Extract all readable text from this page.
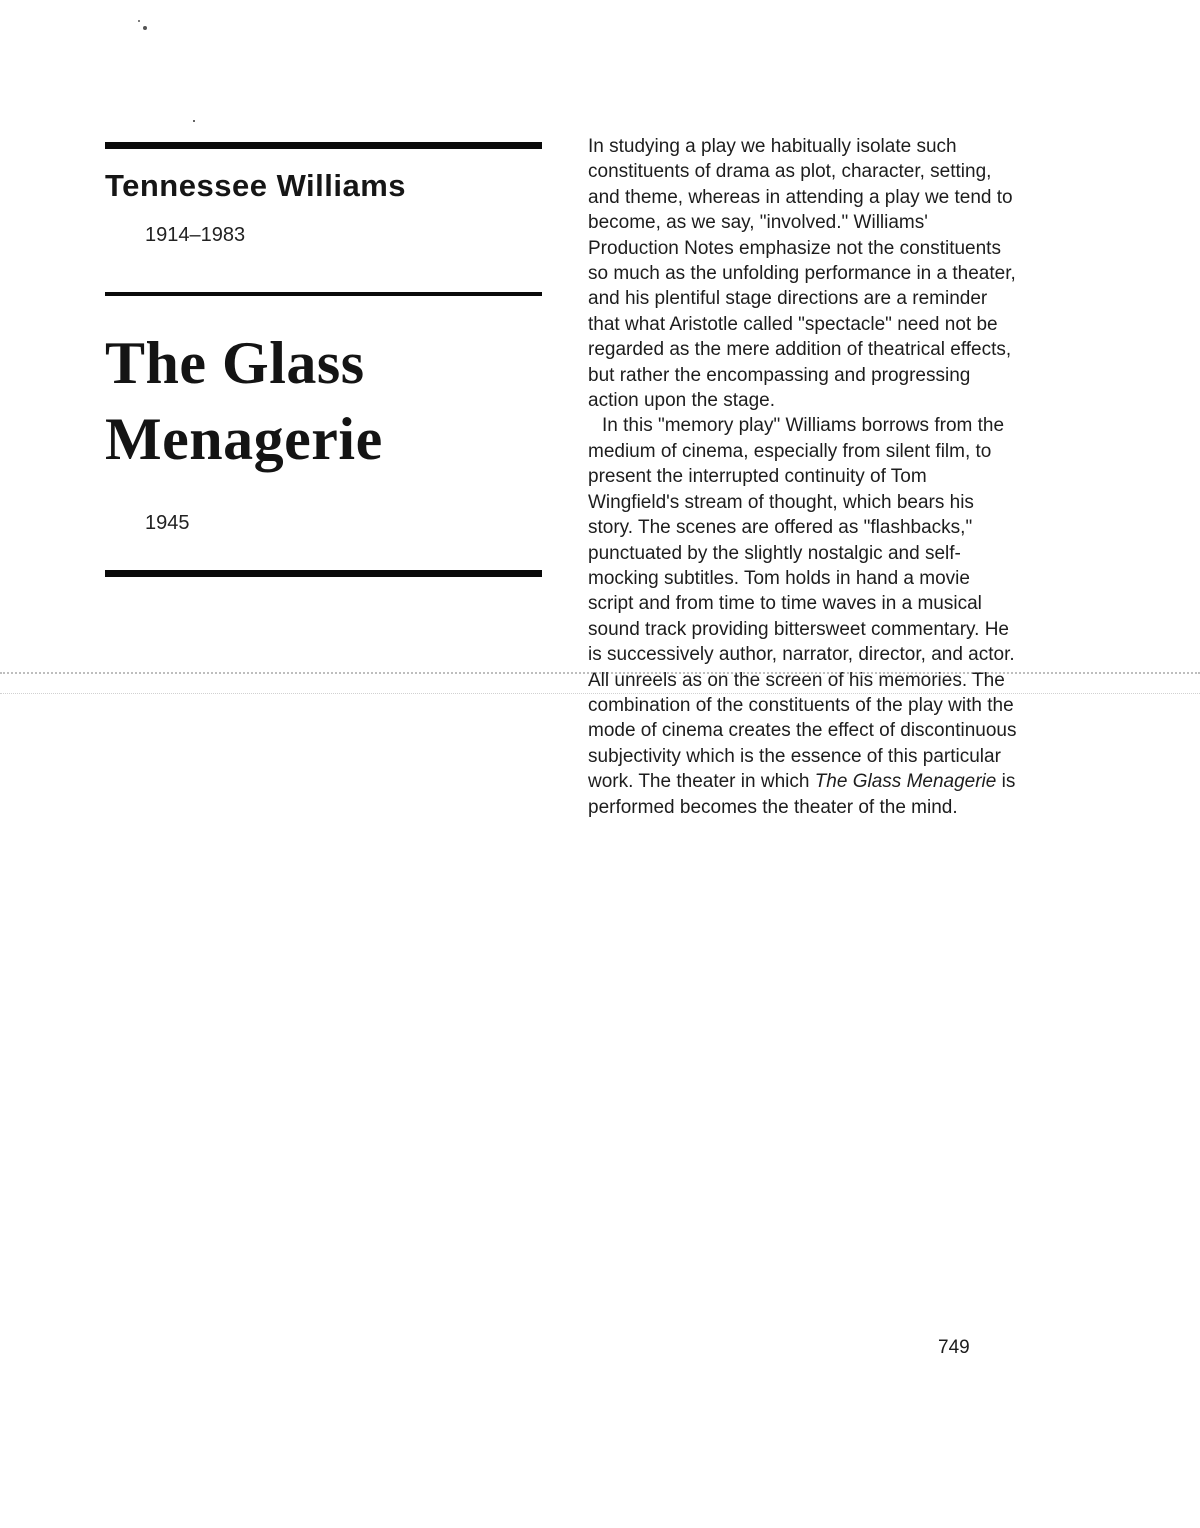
Tennessee Williams
1914–1983
The Glass
Menagerie
1945

In studying a play we habitually isolate such constituents of drama as plot, character, setting, and theme, whereas in attending a play we tend to become, as we say, "involved." Williams' Production Notes emphasize not the constituents so much as the unfolding performance in a theater, and his plentiful stage directions are a reminder that what Aristotle called "spectacle" need not be regarded as the mere addition of theatrical effects, but rather the encompassing and progressing action upon the stage.

In this "memory play" Williams borrows from the medium of cinema, especially from silent film, to present the interrupted continuity of Tom Wingfield's stream of thought, which bears his story. The scenes are offered as "flashbacks," punctuated by the slightly nostalgic and self-mocking subtitles. Tom holds in hand a movie script and from time to time waves in a musical sound track providing bittersweet commentary. He is successively author, narrator, director, and actor. All unreels as on the screen of his memories. The combination of the constituents of the play with the mode of cinema creates the effect of discontinuous subjectivity which is the essence of this particular work. The theater in which The Glass Menagerie is performed becomes the theater of the mind.

749
